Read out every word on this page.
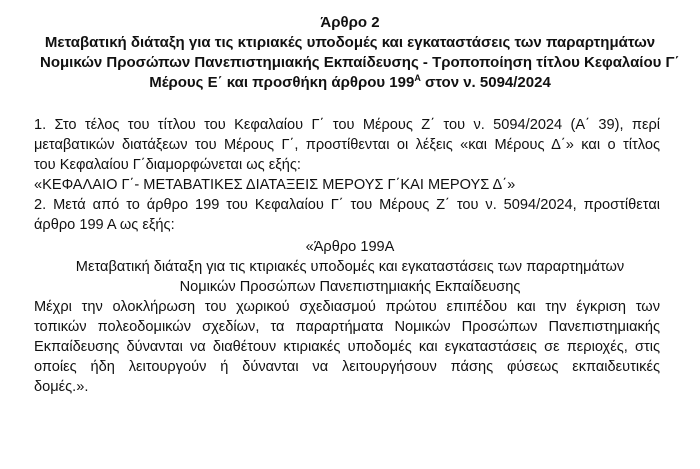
Άρθρο 2
Μεταβατική διάταξη για τις κτιριακές υποδομές και εγκαταστάσεις των παραρτημάτων
Νομικών Προσώπων Πανεπιστημιακής Εκπαίδευσης - Τροποποίηση τίτλου Κεφαλαίου Γ΄
Μέρους Ε΄ και προσθήκη άρθρου $199^A$ στον ν. 5094/2024
1. Στο τέλος του τίτλου του Κεφαλαίου Γ΄ του Μέρους Ζ΄ του ν. 5094/2024 (Α΄ 39), περί
μεταβατικών διατάξεων του Μέρους Γ΄, προστίθενται οι λέξεις «και Μέρους Δ΄» και ο τίτλος
του Κεφαλαίου Γ΄διαμορφώνεται ως εξής:
«ΚΕΦΑΛΑΙΟ Γ΄- ΜΕΤΑΒΑΤΙΚΕΣ ΔΙΑΤΑΞΕΙΣ ΜΕΡΟΥΣ Γ΄ΚΑΙ ΜΕΡΟΥΣ Δ΄»
2. Μετά από το άρθρο 199 του Κεφαλαίου Γ΄ του Μέρους Ζ΄ του ν. 5094/2024, προστίθεται
άρθρο 199 Α ως εξής:
«Άρθρο 199Α
Μεταβατική διάταξη για τις κτιριακές υποδομές και εγκαταστάσεις των παραρτημάτων
Νομικών Προσώπων Πανεπιστημιακής Εκπαίδευσης
Μέχρι την ολοκλήρωση του χωρικού σχεδιασμού πρώτου επιπέδου και την έγκριση των
τοπικών πολεοδομικών σχεδίων, τα παραρτήματα Νομικών Προσώπων Πανεπιστημιακής
Εκπαίδευσης δύνανται να διαθέτουν κτιριακές υποδομές και εγκαταστάσεις σε περιοχές, στις
οποίες ήδη λειτουργούν ή δύνανται να λειτουργήσουν πάσης φύσεως εκπαιδευτικές
δομές.».
